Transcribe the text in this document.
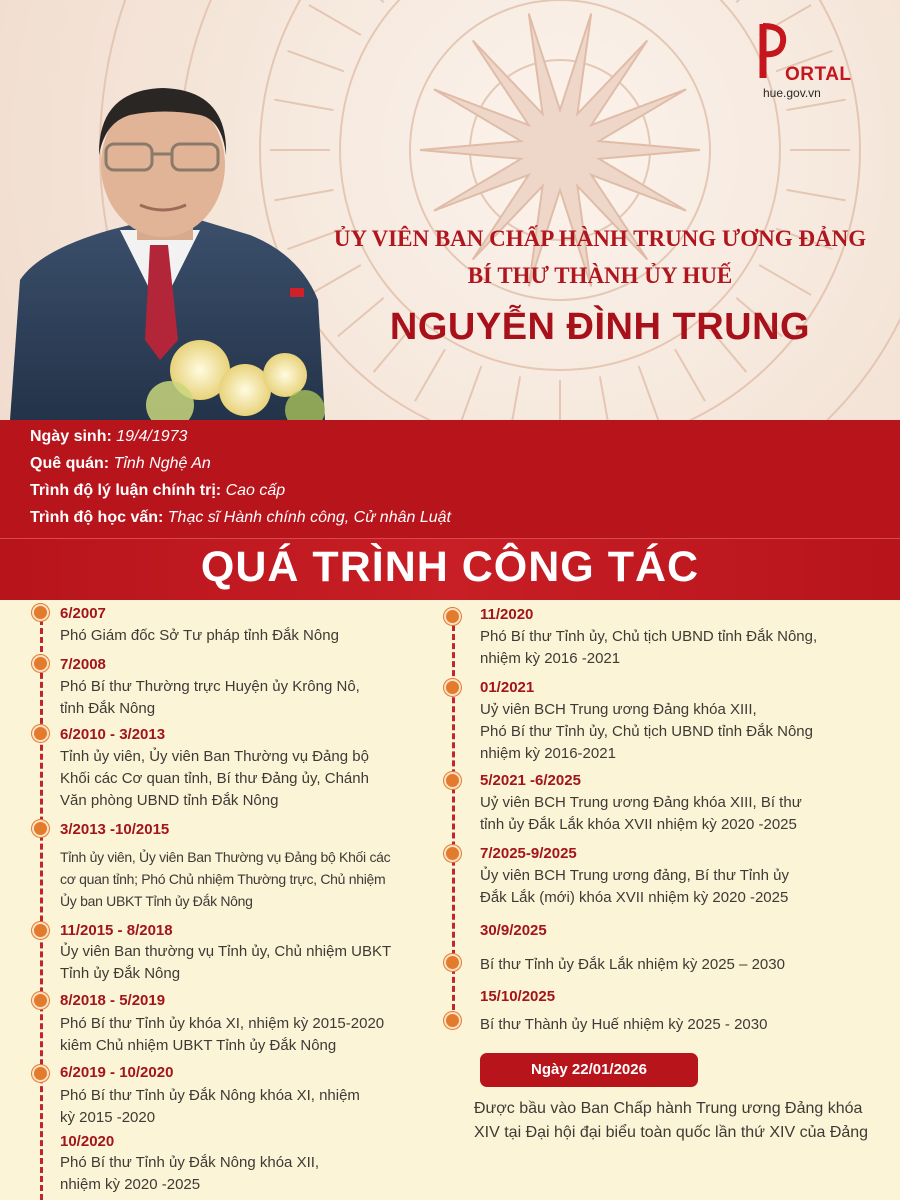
ORTAL
hue.gov.vn
ỦY VIÊN BAN CHẤP HÀNH TRUNG ƯƠNG ĐẢNG
BÍ THƯ THÀNH ỦY HUẾ
NGUYỄN ĐÌNH TRUNG
Ngày sinh: 19/4/1973
Quê quán: Tỉnh Nghệ An
Trình độ lý luận chính trị: Cao cấp
Trình độ học vấn: Thạc sĩ Hành chính công, Cử nhân Luật
QUÁ TRÌNH CÔNG TÁC
6/2007
Phó Giám đốc Sở Tư pháp tỉnh Đắk Nông
7/2008
Phó Bí thư Thường trực Huyện ủy Krông Nô,
tỉnh Đắk Nông
6/2010 - 3/2013
Tỉnh ủy viên, Ủy viên Ban Thường vụ Đảng bộ
Khối các Cơ quan tỉnh, Bí thư Đảng ủy, Chánh
Văn phòng UBND tỉnh Đắk Nông
3/2013 -10/2015
Tỉnh ủy viên, Ủy viên Ban Thường vụ Đảng bộ Khối các
cơ quan tỉnh; Phó Chủ nhiệm Thường trực, Chủ nhiệm
Ủy ban UBKT Tỉnh ủy Đắk Nông
11/2015 - 8/2018
Ủy viên Ban thường vụ Tỉnh ủy, Chủ nhiệm UBKT
Tỉnh ủy Đắk Nông
8/2018 - 5/2019
Phó Bí thư Tỉnh ủy khóa XI, nhiệm kỳ 2015-2020
kiêm Chủ nhiệm UBKT Tỉnh ủy Đắk Nông
6/2019 - 10/2020
Phó Bí thư Tỉnh ủy Đắk Nông khóa XI, nhiệm
kỳ 2015 -2020
10/2020
Phó Bí thư Tỉnh ủy Đắk Nông khóa XII,
nhiệm kỳ 2020 -2025
11/2020
Phó Bí thư Tỉnh ủy, Chủ tịch UBND tỉnh Đắk Nông,
nhiệm kỳ 2016 -2021
01/2021
Uỷ viên BCH Trung ương Đảng khóa XIII,
Phó Bí thư Tỉnh ủy, Chủ tịch UBND tỉnh Đắk Nông
nhiệm kỳ 2016-2021
5/2021 -6/2025
Uỷ viên BCH Trung ương Đảng khóa XIII, Bí thư
tỉnh ủy Đắk Lắk khóa XVII nhiệm kỳ 2020 -2025
7/2025-9/2025
Ủy viên BCH Trung ương đảng, Bí thư Tỉnh ủy
Đắk Lắk (mới) khóa XVII nhiệm kỳ 2020 -2025
30/9/2025
Bí thư Tỉnh ủy Đắk Lắk nhiệm kỳ 2025 – 2030
15/10/2025
Bí thư Thành ủy Huế nhiệm kỳ 2025 - 2030
Ngày 22/01/2026
Được bầu vào Ban Chấp hành Trung ương Đảng khóa XIV tại Đại hội đại biểu toàn quốc lần thứ XIV của Đảng
